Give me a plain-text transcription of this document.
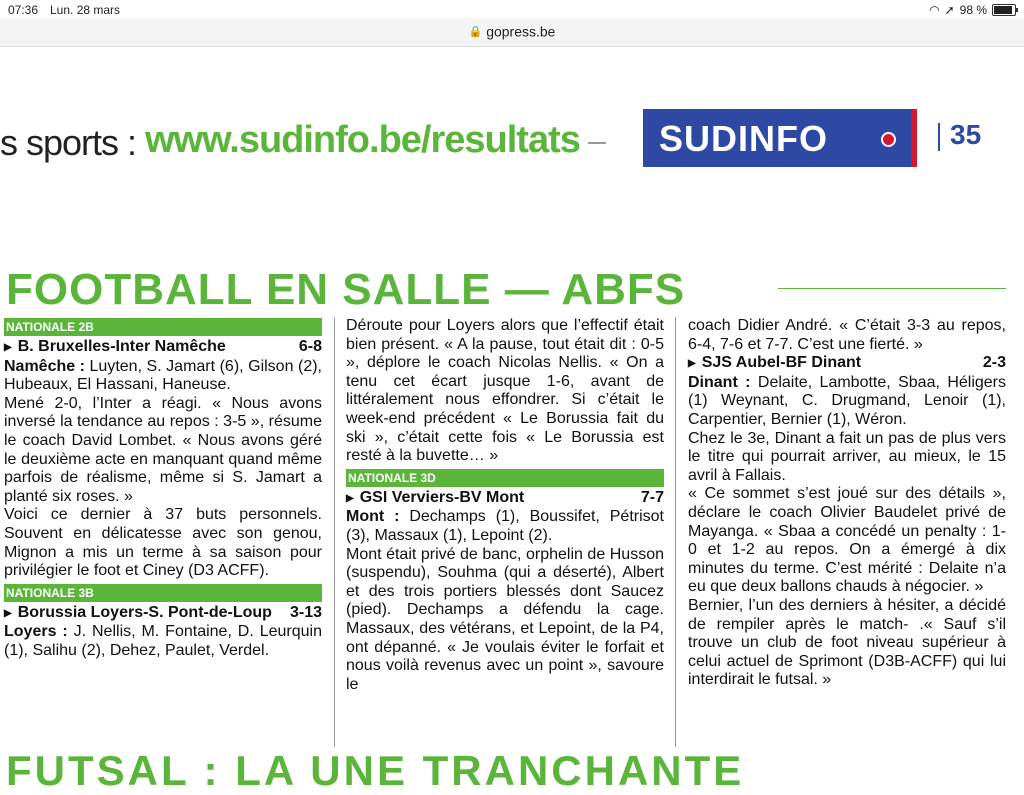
07:36 Lun. 28 mars	◠ ➚ 98 %
🔒 gopress.be
s sports : www.sudinfo.be/resultats SUDINFO	35
FOOTBALL EN SALLE — ABFS
NATIONALE 2B
▶ B. Bruxelles-Inter Namêche	6-8

Namêche : Luyten, S. Jamart (6), Gilson (2), Hubeaux, El Hassani, Haneuse.

Mené 2-0, l’Inter a réagi. « Nous avons inversé la tendance au repos : 3-5 », résume le coach David Lombet. « Nous avons géré le deuxième acte en manquant quand même parfois de réalisme, même si S. Jamart a planté six roses. »

Voici ce dernier à 37 buts personnels. Souvent en délicatesse avec son genou, Mignon a mis un terme à sa saison pour privilégier le foot et Ciney (D3 ACFF).

NATIONALE 3B
▶ Borussia Loyers-S. Pont-de-Loup 3-13

Loyers : J. Nellis, M. Fontaine, D. Leurquin (1), Salihu (2), Dehez, Paulet, Verdel.

Déroute pour Loyers alors que l’effectif était bien présent. « A la pause, tout était dit : 0-5 », déplore le coach Nicolas Nellis. « On a tenu cet écart jusque 1-6, avant de littéralement nous effondrer. Si c’était le week-end précédent « Le Borussia fait du ski », c’était cette fois « Le Borussia est resté à la buvette… »

NATIONALE 3D
▶ GSI Verviers-BV Mont	7-7

Mont : Dechamps (1), Boussifet, Pétrisot (3), Massaux (1), Lepoint (2).

Mont était privé de banc, orphelin de Husson (suspendu), Souhma (qui a déserté), Albert et des trois portiers blessés dont Saucez (pied). Dechamps a défendu la cage. Massaux, des vétérans, et Lepoint, de la P4, ont dépanné. « Je voulais éviter le forfait et nous voilà revenus avec un point », savoure le

coach Didier André. « C’était 3-3 au repos, 6-4, 7-6 et 7-7. C’est une fierté. »

▶ SJS Aubel-BF Dinant	2-3

Dinant : Delaite, Lambotte, Sbaa, Héligers (1) Weynant, C. Drugmand, Lenoir (1), Carpentier, Bernier (1), Wéron.

Chez le 3e, Dinant a fait un pas de plus vers le titre qui pourrait arriver, au mieux, le 15 avril à Fallais.

« Ce sommet s’est joué sur des détails », déclare le coach Olivier Baudelet privé de Mayanga. « Sbaa a concédé un penalty : 1-0 et 1-2 au repos. On a émergé à dix minutes du terme. C’est mérité : Delaite n’a eu que deux ballons chauds à négocier. »

Bernier, l’un des derniers à hésiter, a décidé de rempiler après le match- .« Sauf s’il trouve un club de foot niveau supérieur à celui actuel de Sprimont (D3B-ACFF) qui lui interdirait le futsal. »

FUTSAL : LA UNE TRANCHANTE
